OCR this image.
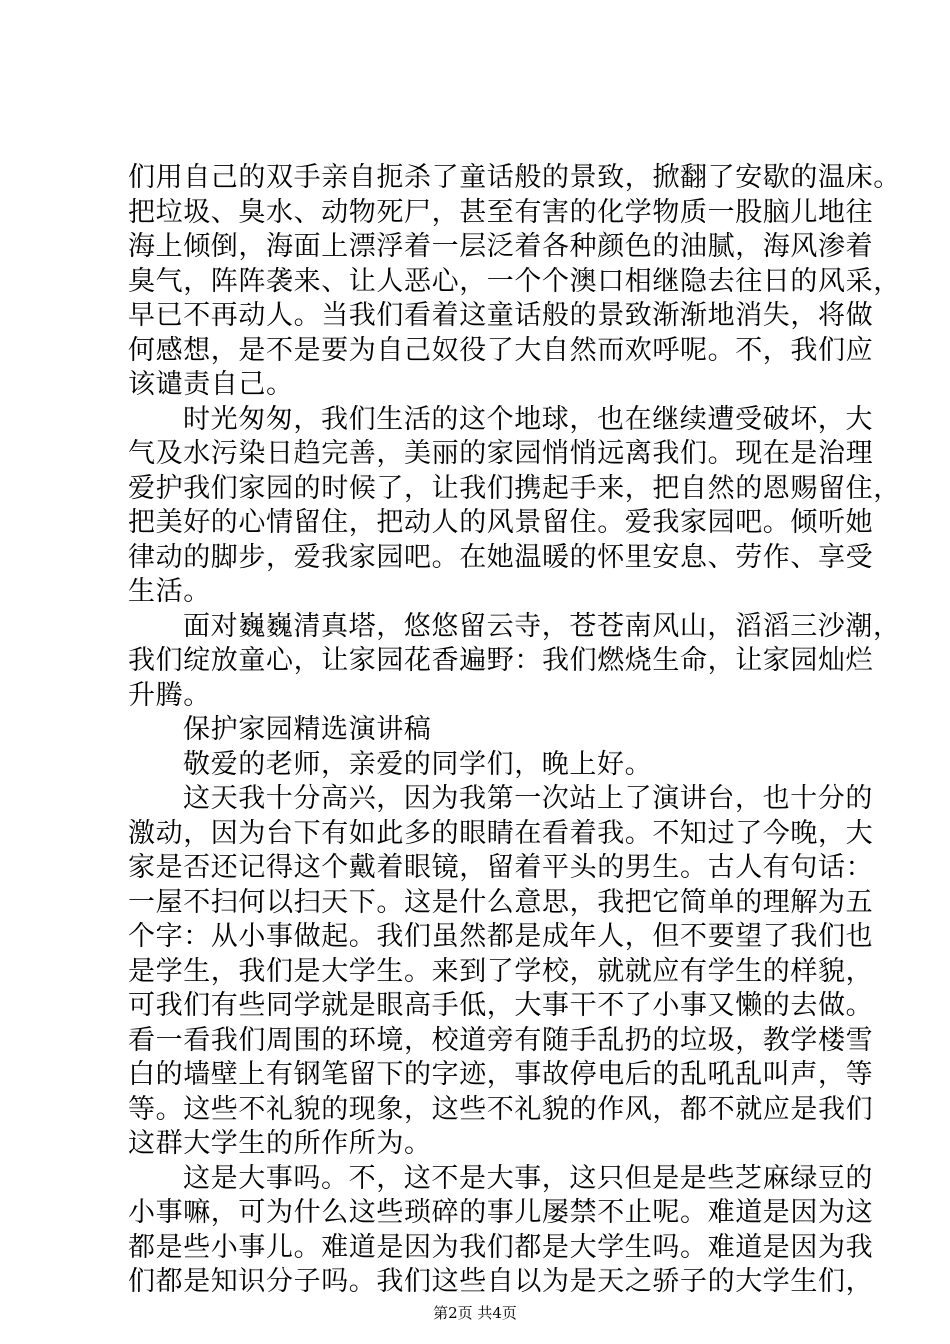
们用自己的双手亲自扼杀了童话般的景致，掀翻了安歇的温床。
把垃圾、臭水、动物死尸，甚至有害的化学物质一股脑儿地往
海上倾倒，海面上漂浮着一层泛着各种颜色的油腻，海风渗着
臭气，阵阵袭来、让人恶心，一个个澳口相继隐去往日的风采，
早已不再动人。当我们看着这童话般的景致渐渐地消失，将做
何感想，是不是要为自己奴役了大自然而欢呼呢。不，我们应
该谴责自己。
时光匆匆，我们生活的这个地球，也在继续遭受破坏，大
气及水污染日趋完善，美丽的家园悄悄远离我们。现在是治理
爱护我们家园的时候了，让我们携起手来，把自然的恩赐留住，
把美好的心情留住，把动人的风景留住。爱我家园吧。倾听她
律动的脚步，爱我家园吧。在她温暖的怀里安息、劳作、享受
生活。
面对巍巍清真塔，悠悠留云寺，苍苍南风山，滔滔三沙潮，
我们绽放童心，让家园花香遍野：我们燃烧生命，让家园灿烂
升腾。
保护家园精选演讲稿
敬爱的老师，亲爱的同学们，晚上好。
这天我十分高兴，因为我第一次站上了演讲台，也十分的
激动，因为台下有如此多的眼睛在看着我。不知过了今晚，大
家是否还记得这个戴着眼镜，留着平头的男生。古人有句话：
一屋不扫何以扫天下。这是什么意思，我把它简单的理解为五
个字：从小事做起。我们虽然都是成年人，但不要望了我们也
是学生，我们是大学生。来到了学校，就就应有学生的样貌，
可我们有些同学就是眼高手低，大事干不了小事又懒的去做。
看一看我们周围的环境，校道旁有随手乱扔的垃圾，教学楼雪
白的墙壁上有钢笔留下的字迹，事故停电后的乱吼乱叫声，等
等。这些不礼貌的现象，这些不礼貌的作风，都不就应是我们
这群大学生的所作所为。
这是大事吗。不，这不是大事，这只但是是些芝麻绿豆的
小事嘛，可为什么这些琐碎的事儿屡禁不止呢。难道是因为这
都是些小事儿。难道是因为我们都是大学生吗。难道是因为我
们都是知识分子吗。我们这些自以为是天之骄子的大学生们，
第2页 共4页
